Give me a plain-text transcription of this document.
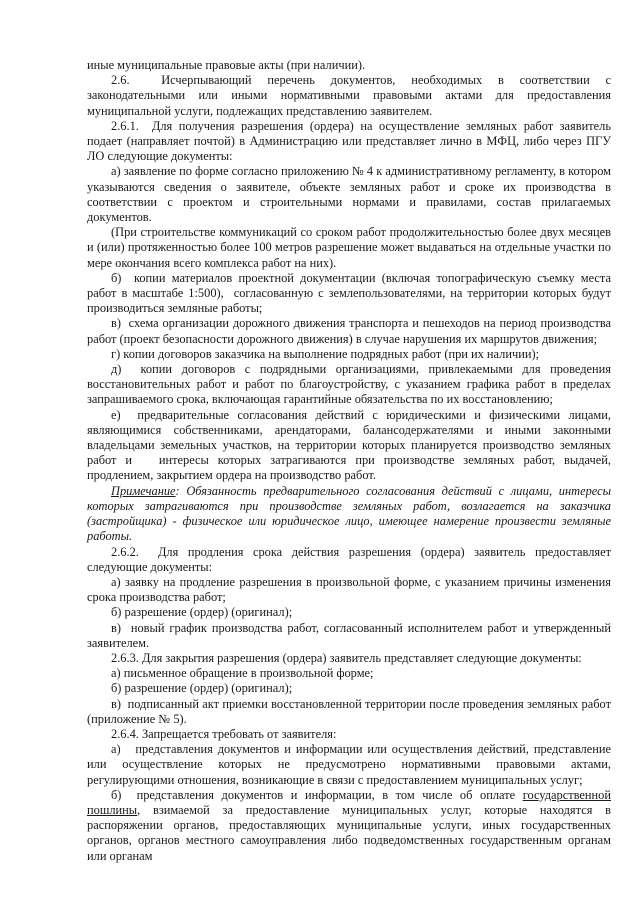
иные муниципальные правовые акты (при наличии).

2.6.    Исчерпывающий  перечень  документов,  необходимых  в  соответствии  с законодательными или иными нормативными правовыми актами для предоставления муниципальной услуги, подлежащих представлению заявителем.

2.6.1.  Для получения разрешения (ордера) на осуществление земляных работ заявитель подает (направляет почтой) в Администрацию или представляет лично в МФЦ, либо через ПГУ ЛО следующие документы:

а) заявление по форме согласно приложению № 4 к административному регламенту, в котором указываются сведения о заявителе, объекте земляных работ и сроке их производства в соответствии с проектом и строительными нормами и правилами, состав прилагаемых документов.

(При строительстве коммуникаций со сроком работ продолжительностью более двух месяцев и (или) протяженностью более 100 метров разрешение может выдаваться на отдельные участки по мере окончания всего комплекса работ на них).

б)  копии материалов проектной документации (включая топографическую съемку места работ в масштабе 1:500),  согласованную с землепользователями, на территории которых будут производиться земляные работы;

в)  схема организации дорожного движения транспорта и пешеходов на период производства работ (проект безопасности дорожного движения) в случае нарушения их маршрутов движения;

г) копии договоров заказчика на выполнение подрядных работ (при их наличии);

д)  копии договоров с подрядными организациями, привлекаемыми для проведения восстановительных работ и работ по благоустройству, с указанием графика работ в пределах запрашиваемого срока, включающая гарантийные обязательства по их восстановлению;

е)  предварительные согласования действий с юридическими и физическими лицами, являющимися собственниками, арендаторами, балансодержателями и иными законными владельцами земельных участков, на территории которых планируется производство земляных работ и   интересы которых затрагиваются при производстве земляных работ, выдачей, продлением, закрытием ордера на производство работ.

Примечание: Обязанность предварительного согласования действий с лицами, интересы которых затрагиваются при производстве земляных работ, возлагается на заказчика (застройщика) - физическое или юридическое лицо, имеющее намерение произвести земляные работы.

2.6.2.  Для продления срока действия разрешения (ордера) заявитель предоставляет следующие документы:

а) заявку на продление разрешения в произвольной форме, с указанием причины изменения срока производства работ;

б) разрешение (ордер) (оригинал);

в)  новый график производства работ, согласованный исполнителем работ и утвержденный заявителем.

2.6.3. Для закрытия разрешения (ордера) заявитель представляет следующие документы:

а) письменное обращение в произвольной форме;

б) разрешение (ордер) (оригинал);

в)  подписанный акт приемки восстановленной территории после проведения земляных работ (приложение № 5).

2.6.4. Запрещается требовать от заявителя:

а)   представления документов и информации или осуществления действий, представление или  осуществление  которых  не  предусмотрено  нормативными  правовыми  актами, регулирующими отношения, возникающие в связи с предоставлением муниципальных услуг;

б)  представления документов и информации, в том числе об оплате государственной пошлины, взимаемой за предоставление муниципальных услуг, которые находятся в распоряжении органов, предоставляющих муниципальные услуги, иных государственных органов, органов местного самоуправления либо подведомственных государственным органам или органам
